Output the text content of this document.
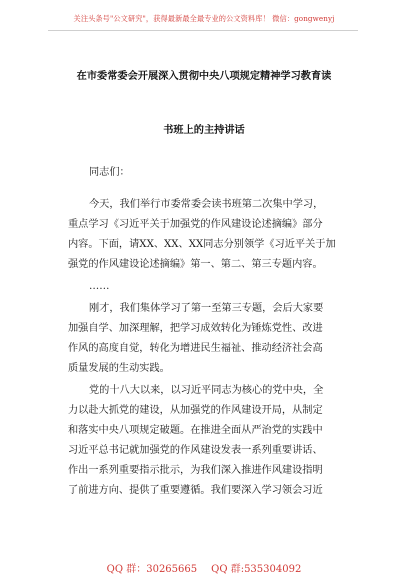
关注头条号"公文研究"，获得最新最全最专业的公文资料库！ 微信：gongwenyj
在市委常委会开展深入贯彻中央八项规定精神学习教育读
书班上的主持讲话
同志们：
今天，我们举行市委常委会读书班第二次集中学习，
重点学习《习近平关于加强党的作风建设论述摘编》部分
内容。下面，请XX、XX、XX同志分别领学《习近平关于加
强党的作风建设论述摘编》第一、第二、第三专题内容。
……
刚才，我们集体学习了第一至第三专题，会后大家要
加强自学、加深理解，把学习成效转化为锤炼党性、改进
作风的高度自觉，转化为增进民生福祉、推动经济社会高
质量发展的生动实践。
党的十八大以来，以习近平同志为核心的党中央，全
力以赴大抓党的建设，从加强党的作风建设开局，从制定
和落实中央八项规定破题。在推进全面从严治党的实践中
习近平总书记就加强党的作风建设发表一系列重要讲话、
作出一系列重要指示批示，为我们深入推进作风建设指明
了前进方向、提供了重要遵循。我们要深入学习领会习近
QQ 群：30265665 QQ 群:535304092
